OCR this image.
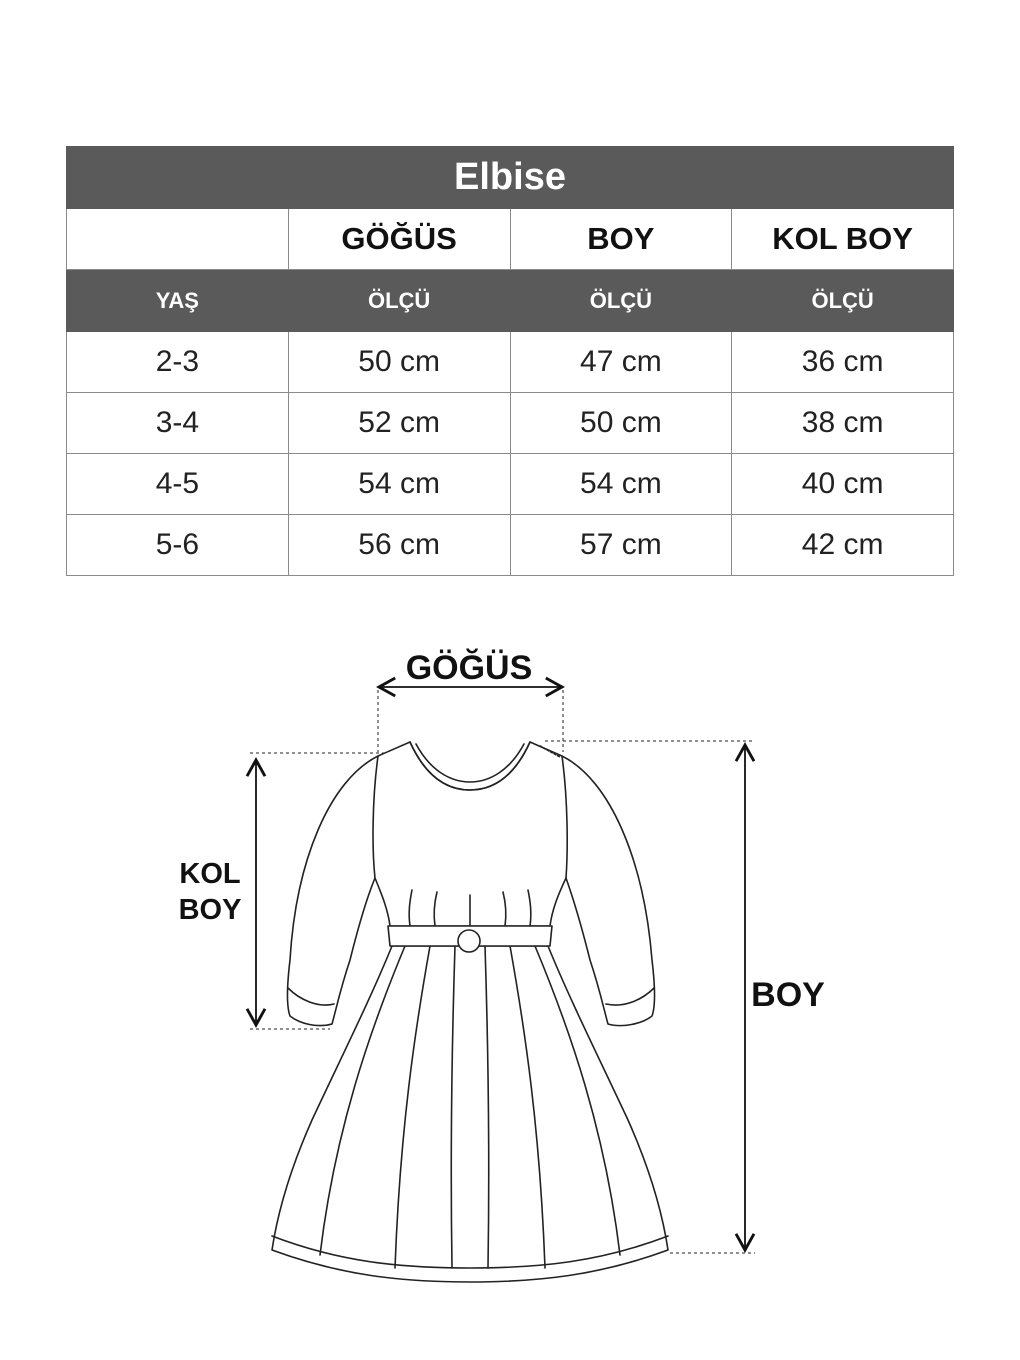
Elbise			
	GÖĞÜS	BOY	KOL BOY
YAŞ	ÖLÇÜ	ÖLÇÜ	ÖLÇÜ
2-3	50 cm	47 cm	36 cm
3-4	52 cm	50 cm	38 cm
4-5	54 cm	54 cm	40 cm
5-6	56 cm	57 cm	42 cm
GÖĞÜS
KOL
BOY
BOY
